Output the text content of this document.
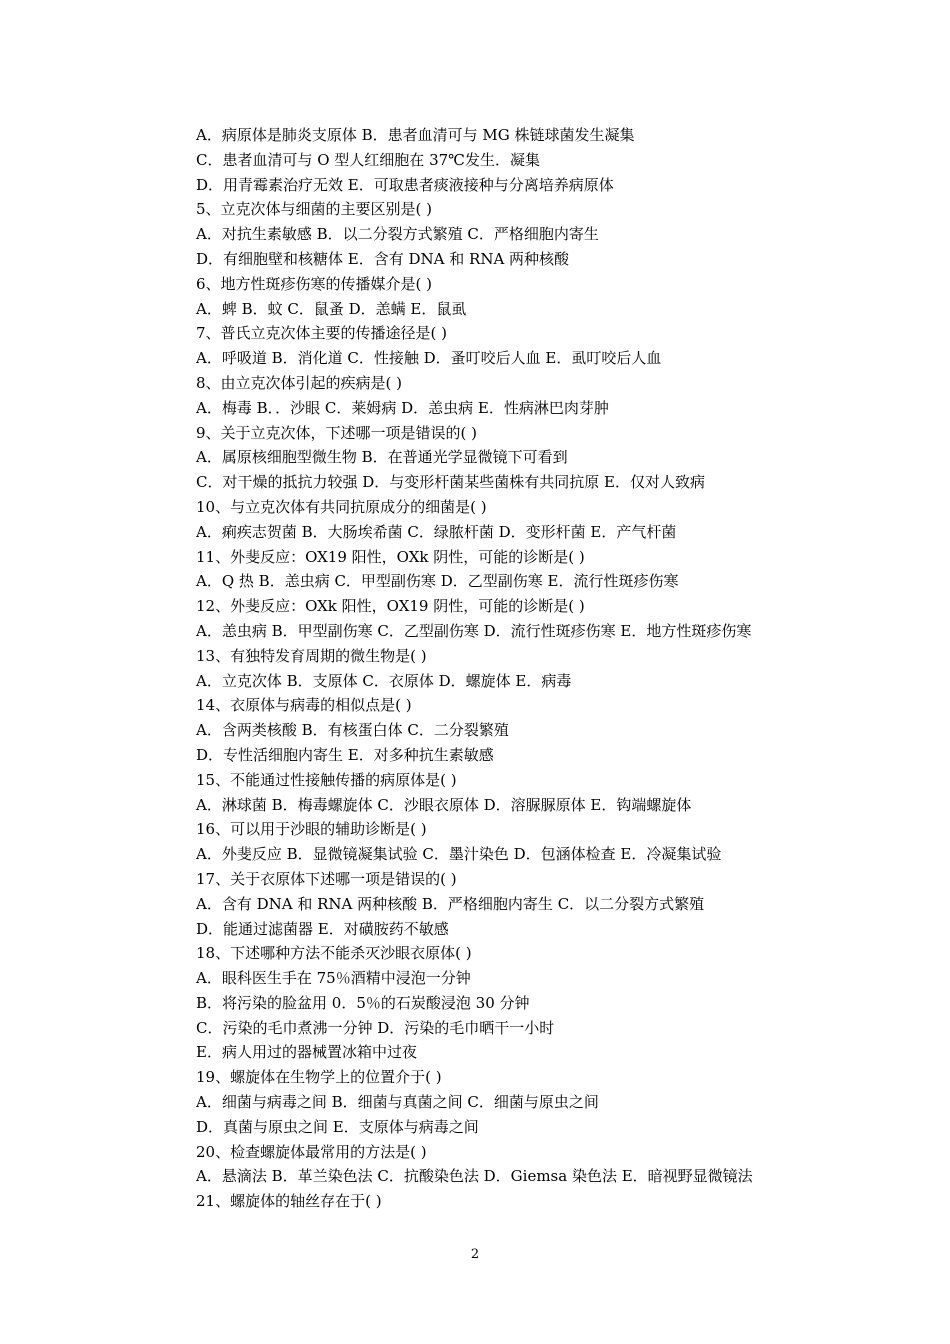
A．病原体是肺炎支原体 B．患者血清可与 MG 株链球菌发生凝集
C．患者血清可与 O 型人红细胞在 37℃发生．凝集
D．用青霉素治疗无效 E．可取患者痰液接种与分离培养病原体
5、立克次体与细菌的主要区别是( )
A．对抗生素敏感 B．以二分裂方式繁殖 C．严格细胞内寄生
D．有细胞壁和核糖体 E．含有 DNA 和 RNA 两种核酸
6、地方性斑疹伤寒的传播媒介是( )
A．蜱 B．蚊 C．鼠蚤 D．恙螨 E．鼠虱
7、普氏立克次体主要的传播途径是( )
A．呼吸道 B．消化道 C．性接触 D．蚤叮咬后人血 E．虱叮咬后人血
8、由立克次体引起的疾病是( )
A．梅毒 B．．沙眼 C．莱姆病 D．恙虫病 E．性病淋巴肉芽肿
9、关于立克次体，下述哪一项是错误的( )
A．属原核细胞型微生物 B．在普通光学显微镜下可看到
C．对干燥的抵抗力较强 D．与变形杆菌某些菌株有共同抗原 E．仅对人致病
10、与立克次体有共同抗原成分的细菌是( )
A．痢疾志贺菌 B．大肠埃希菌 C．绿脓杆菌 D．变形杆菌 E．产气杆菌
11、外斐反应：OX19 阳性，OXk 阴性，可能的诊断是( )
A．Q 热 B．恙虫病 C．甲型副伤寒 D．乙型副伤寒 E．流行性斑疹伤寒
12、外斐反应：OXk 阳性，OX19 阴性，可能的诊断是( )
A．恙虫病 B．甲型副伤寒 C．乙型副伤寒 D．流行性斑疹伤寒 E．地方性斑疹伤寒
13、有独特发育周期的微生物是( )
A．立克次体 B．支原体 C．衣原体 D．螺旋体 E．病毒
14、衣原体与病毒的相似点是( )
A．含两类核酸 B．有核蛋白体 C．二分裂繁殖
D．专性活细胞内寄生 E．对多种抗生素敏感
15、不能通过性接触传播的病原体是( )
A．淋球菌 B．梅毒螺旋体 C．沙眼衣原体 D．溶脲脲原体 E．钩端螺旋体
16、可以用于沙眼的辅助诊断是( )
A．外斐反应 B．显微镜凝集试验 C．墨汁染色 D．包涵体检查 E．冷凝集试验
17、关于衣原体下述哪一项是错误的( )
A．含有 DNA 和 RNA 两种核酸 B．严格细胞内寄生 C．以二分裂方式繁殖
D．能通过滤菌器 E．对磺胺药不敏感
18、下述哪种方法不能杀灭沙眼衣原体( )
A．眼科医生手在 75％酒精中浸泡一分钟
B．将污染的脸盆用 0．5％的石炭酸浸泡 30 分钟
C．污染的毛巾煮沸一分钟 D．污染的毛巾晒干一小时
E．病人用过的器械置冰箱中过夜
19、螺旋体在生物学上的位置介于( )
A．细菌与病毒之间 B．细菌与真菌之间 C．细菌与原虫之间
D．真菌与原虫之间 E．支原体与病毒之间
20、检查螺旋体最常用的方法是( )
A．悬滴法 B．革兰染色法 C．抗酸染色法 D．Giemsa 染色法 E．暗视野显微镜法
21、螺旋体的轴丝存在于( )
2
